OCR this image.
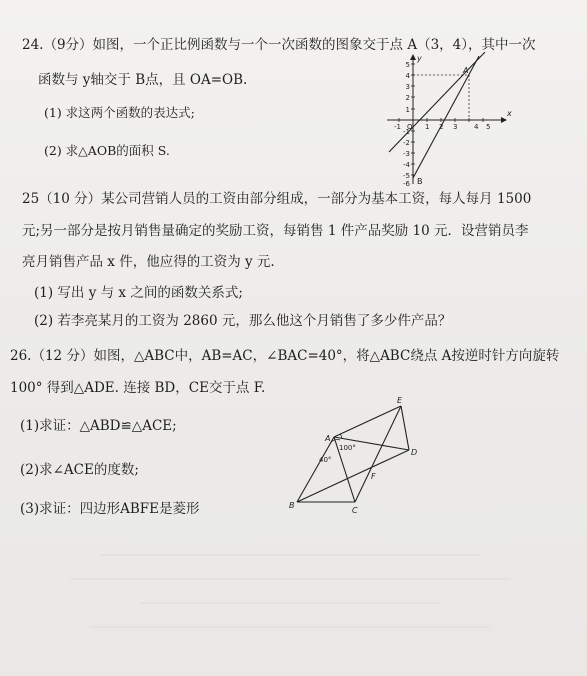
24.（9分）如图，一个正比例函数与一个一次函数的图象交于点 A（3，4），其中一次
函数与 y轴交于 B点，且 OA=OB.
(1) 求这两个函数的表达式;
(2) 求△AOB的面积 S.
x
y
A
B
-1 O 1 2 3 4 5
1
2
3
4
5
-1
-2
-3
-4
-5
-6
25（10 分）某公司营销人员的工资由部分组成，一部分为基本工资，每人每月 1500
元;另一部分是按月销售量确定的奖励工资，每销售 1 件产品奖励 10 元．设营销员李
亮月销售产品 x 件，他应得的工资为 y 元.
(1) 写出 y 与 x 之间的函数关系式;
(2) 若李亮某月的工资为 2860 元，那么他这个月销售了多少件产品？
26.（12 分）如图，△ABC中，AB=AC，∠BAC=40°，将△ABC绕点 A按逆时针方向旋转
100° 得到△ADE. 连接 BD，CE交于点 F.
(1)求证：△ABD≌△ACE;
(2)求∠ACE的度数;
(3)求证：四边形ABFE是菱形
A
B
C
D
E
F
40°
100°
